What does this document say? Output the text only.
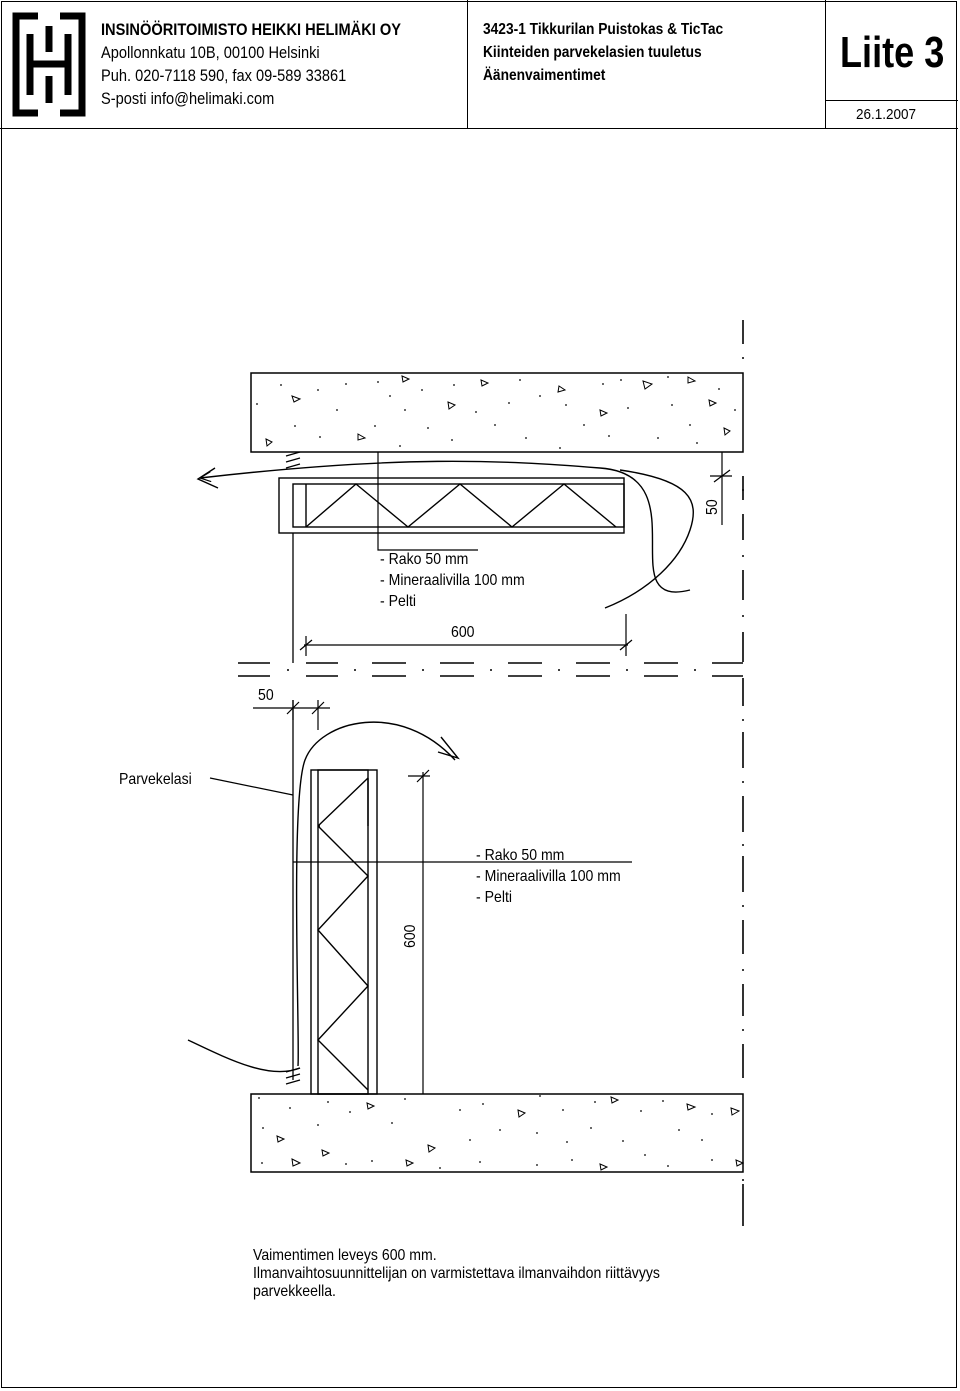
INSINÖÖRITOIMISTO HEIKKI HELIMÄKI OY
Apollonnkatu 10B, 00100 Helsinki
Puh. 020-7118 590, fax 09-589 33861
S-posti info@helimaki.com
3423-1 Tikkurilan Puistokas & TicTac
Kiinteiden parvekelasien tuuletus
Äänenvaimentimet	Liite 3
26.1.2007
- Rako 50 mm
- Mineraalivilla 100 mm
- Pelti
600
50
50
Parvekelasi
- Rako 50 mm
- Mineraalivilla 100 mm
- Pelti
600
Vaimentimen leveys 600 mm.
Ilmanvaihtosuunnittelijan on varmistettava ilmanvaihdon riittävyys
parvekkeella.
